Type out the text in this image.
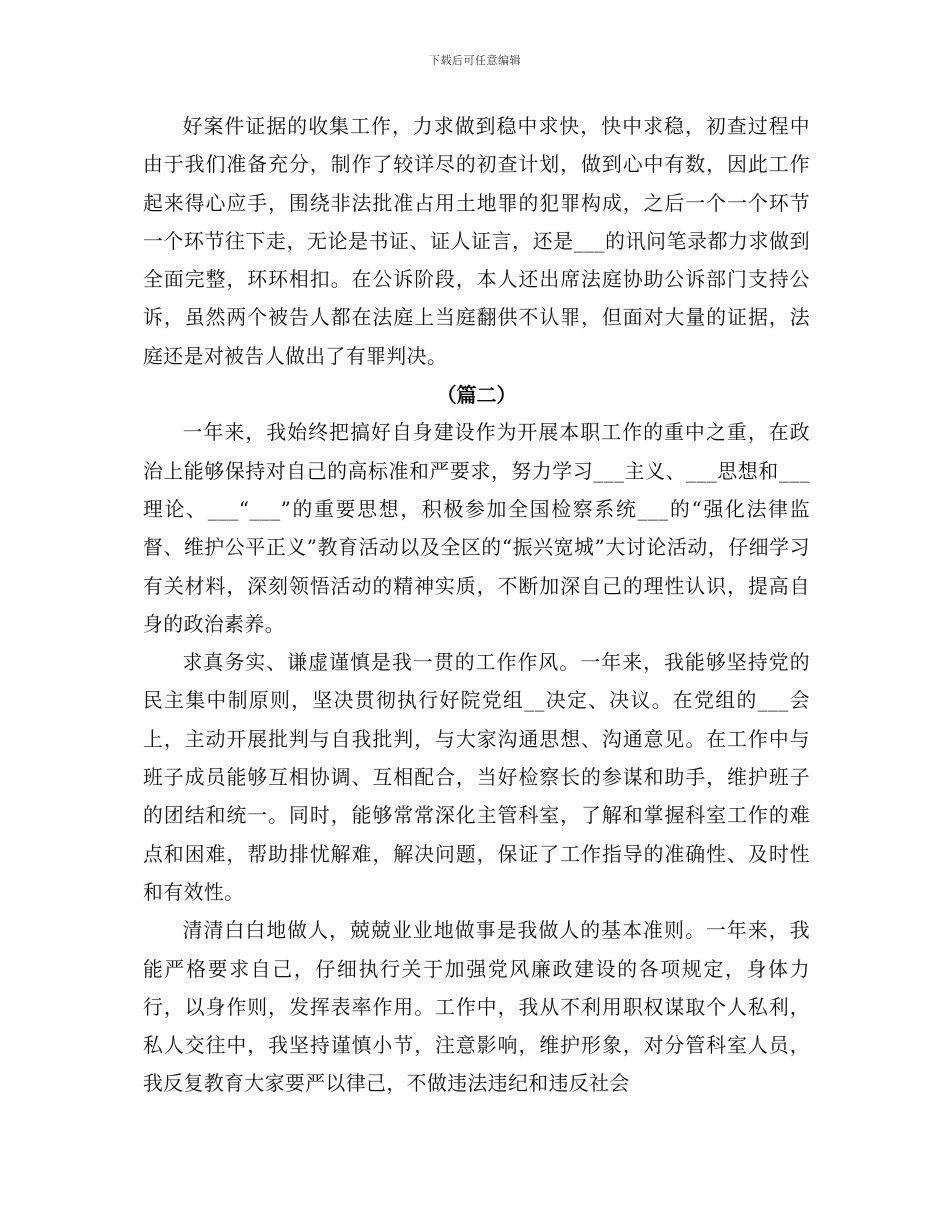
下载后可任意编辑

好案件证据的收集工作，力求做到稳中求快，快中求稳，初查过程中由于我们准备充分，制作了较详尽的初查计划，做到心中有数，因此工作起来得心应手，围绕非法批准占用土地罪的犯罪构成，之后一个一个环节一个环节往下走，无论是书证、证人证言，还是___的讯问笔录都力求做到全面完整，环环相扣。在公诉阶段，本人还出席法庭协助公诉部门支持公诉，虽然两个被告人都在法庭上当庭翻供不认罪，但面对大量的证据，法庭还是对被告人做出了有罪判决。

（篇二）

一年来，我始终把搞好自身建设作为开展本职工作的重中之重，在政治上能够保持对自己的高标准和严要求，努力学习___主义、___思想和___理论、___“___”的重要思想，积极参加全国检察系统___的“强化法律监督、维护公平正义”教育活动以及全区的“振兴宽城”大讨论活动，仔细学习有关材料，深刻领悟活动的精神实质，不断加深自己的理性认识，提高自身的政治素养。

求真务实、谦虚谨慎是我一贯的工作作风。一年来，我能够坚持党的民主集中制原则，坚决贯彻执行好院党组__决定、决议。在党组的___会上，主动开展批判与自我批判，与大家沟通思想、沟通意见。在工作中与班子成员能够互相协调、互相配合，当好检察长的参谋和助手，维护班子的团结和统一。同时，能够常常深化主管科室，了解和掌握科室工作的难点和困难，帮助排忧解难，解决问题，保证了工作指导的准确性、及时性和有效性。

清清白白地做人，兢兢业业地做事是我做人的基本准则。一年来，我能严格要求自己，仔细执行关于加强党风廉政建设的各项规定，身体力行，以身作则，发挥表率作用。工作中，我从不利用职权谋取个人私利，私人交往中，我坚持谨慎小节，注意影响，维护形象，对分管科室人员，我反复教育大家要严以律己，不做违法违纪和违反社会
